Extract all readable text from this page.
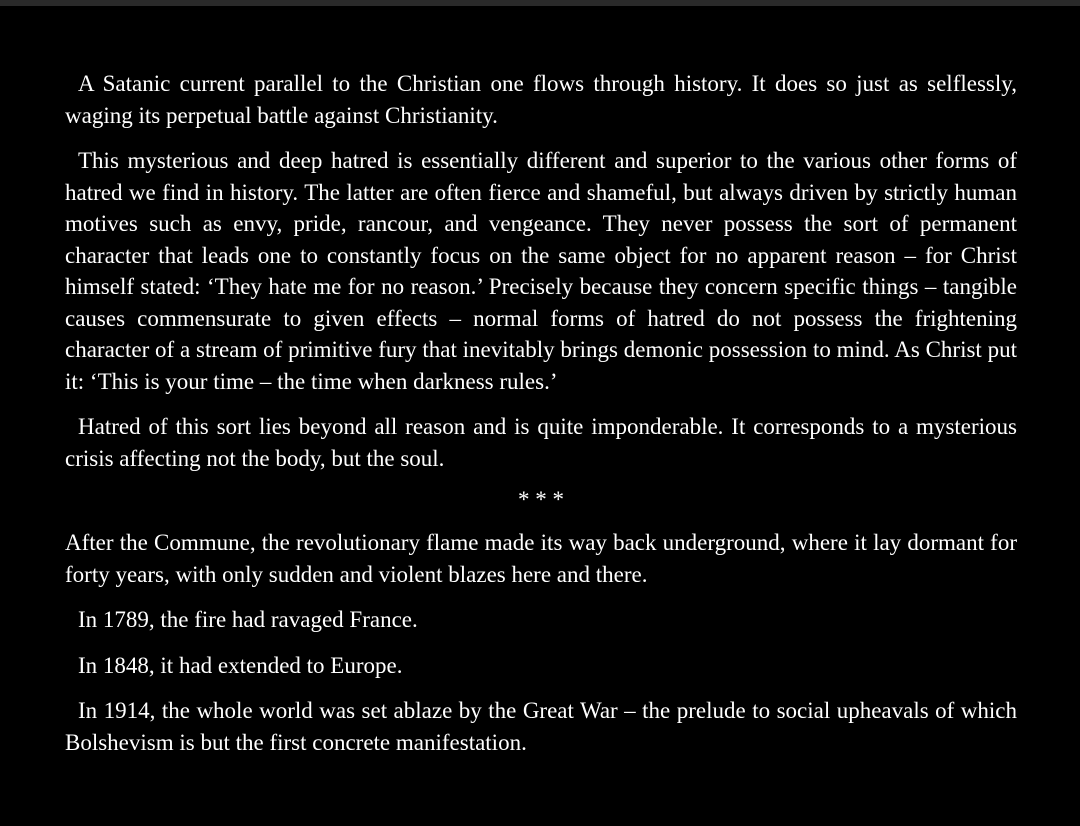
A Satanic current parallel to the Christian one flows through history. It does so just as selflessly, waging its perpetual battle against Christianity.

This mysterious and deep hatred is essentially different and superior to the various other forms of hatred we find in history. The latter are often fierce and shameful, but always driven by strictly human motives such as envy, pride, rancour, and vengeance. They never possess the sort of permanent character that leads one to constantly focus on the same object for no apparent reason – for Christ himself stated: ‘They hate me for no reason.’ Precisely because they concern specific things – tangible causes commensurate to given effects – normal forms of hatred do not possess the frightening character of a stream of primitive fury that inevitably brings demonic possession to mind. As Christ put it: ‘This is your time – the time when darkness rules.’

Hatred of this sort lies beyond all reason and is quite imponderable. It corresponds to a mysterious crisis affecting not the body, but the soul.

* * *

After the Commune, the revolutionary flame made its way back underground, where it lay dormant for forty years, with only sudden and violent blazes here and there.

In 1789, the fire had ravaged France.

In 1848, it had extended to Europe.

In 1914, the whole world was set ablaze by the Great War – the prelude to social upheavals of which Bolshevism is but the first concrete manifestation.
